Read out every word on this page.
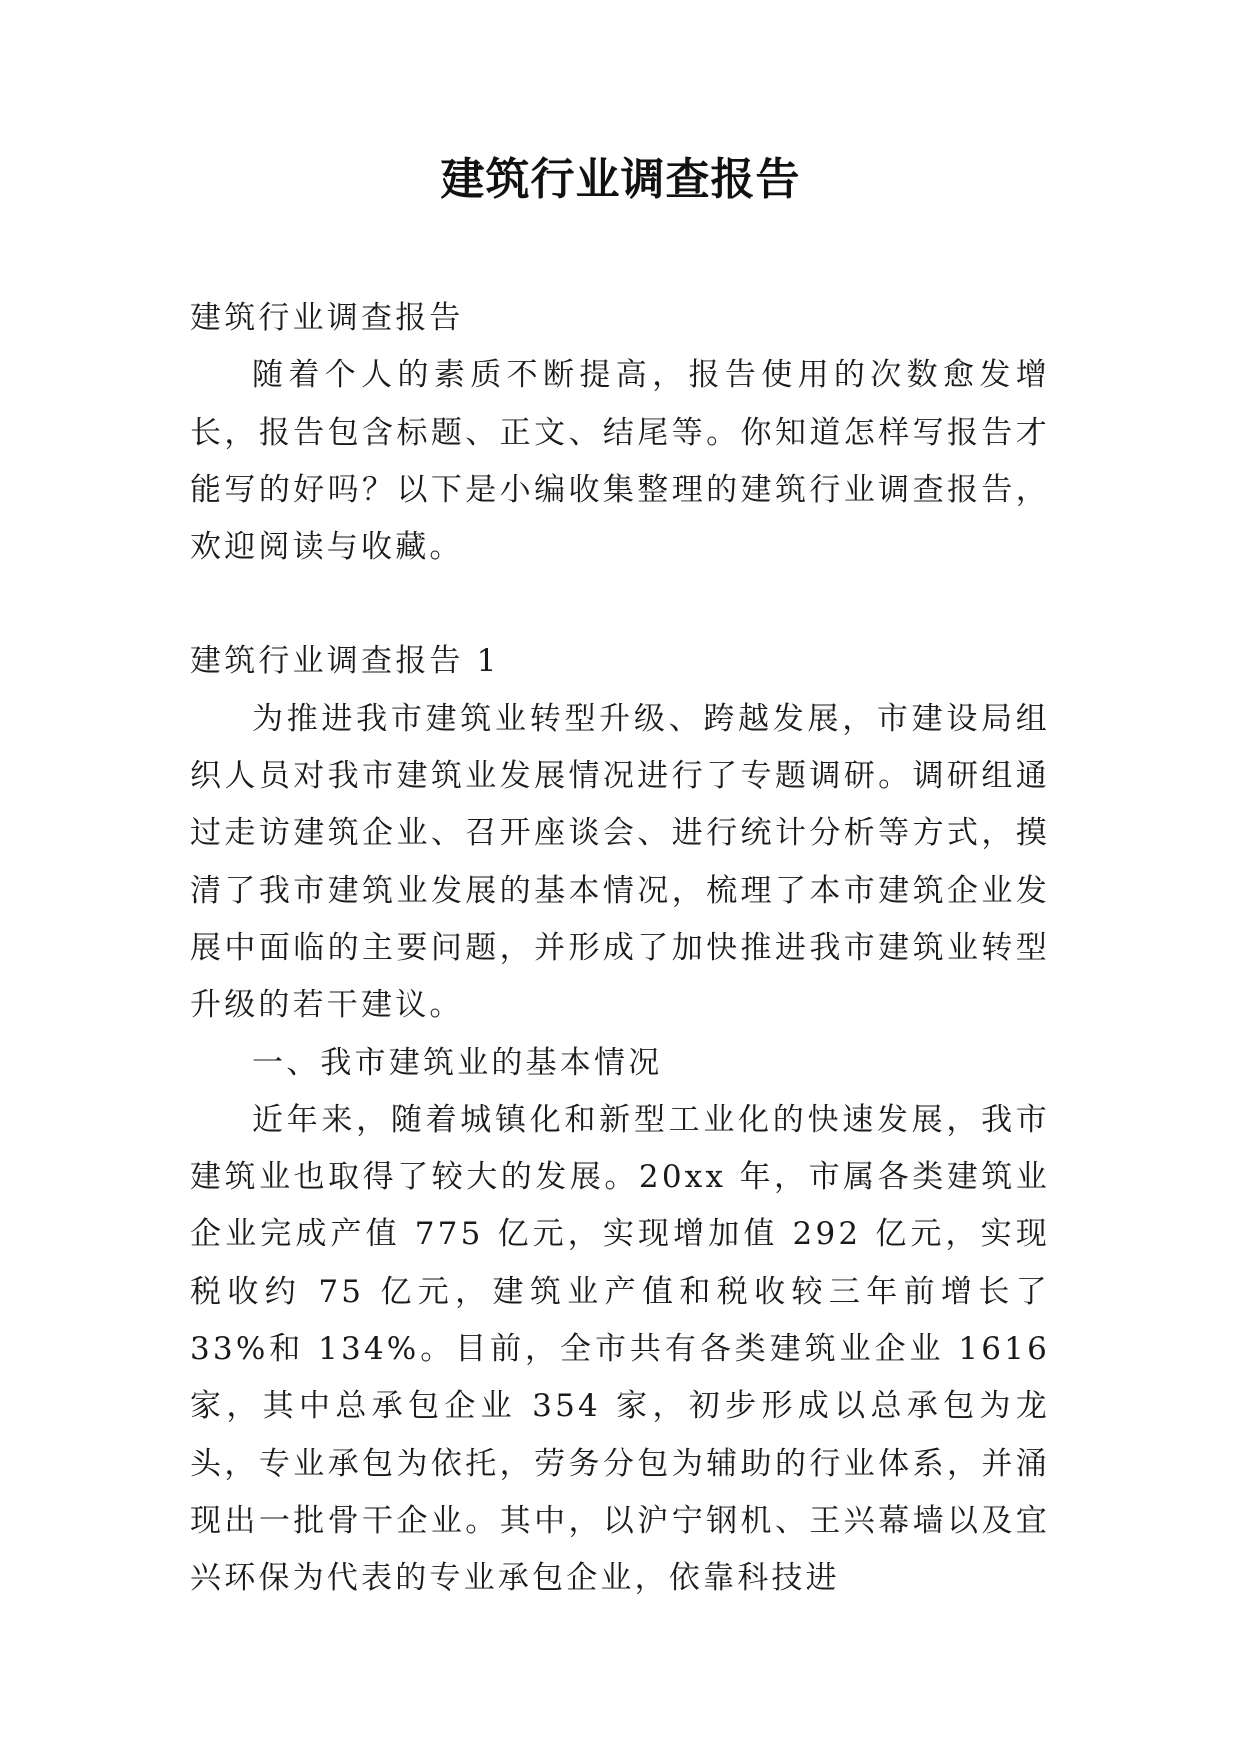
建筑行业调查报告

建筑行业调查报告

随着个人的素质不断提高，报告使用的次数愈发增长，报告包含标题、正文、结尾等。你知道怎样写报告才能写的好吗？以下是小编收集整理的建筑行业调查报告，欢迎阅读与收藏。

建筑行业调查报告 1

为推进我市建筑业转型升级、跨越发展，市建设局组织人员对我市建筑业发展情况进行了专题调研。调研组通过走访建筑企业、召开座谈会、进行统计分析等方式，摸清了我市建筑业发展的基本情况，梳理了本市建筑企业发展中面临的主要问题，并形成了加快推进我市建筑业转型升级的若干建议。

一、我市建筑业的基本情况

近年来，随着城镇化和新型工业化的快速发展，我市建筑业也取得了较大的发展。20xx 年，市属各类建筑业企业完成产值 775 亿元，实现增加值 292 亿元，实现税收约 75 亿元，建筑业产值和税收较三年前增长了 33%和 134%。目前，全市共有各类建筑业企业 1616 家，其中总承包企业 354 家，初步形成以总承包为龙头，专业承包为依托，劳务分包为辅助的行业体系，并涌现出一批骨干企业。其中，以沪宁钢机、王兴幕墙以及宜兴环保为代表的专业承包企业，依靠科技进
